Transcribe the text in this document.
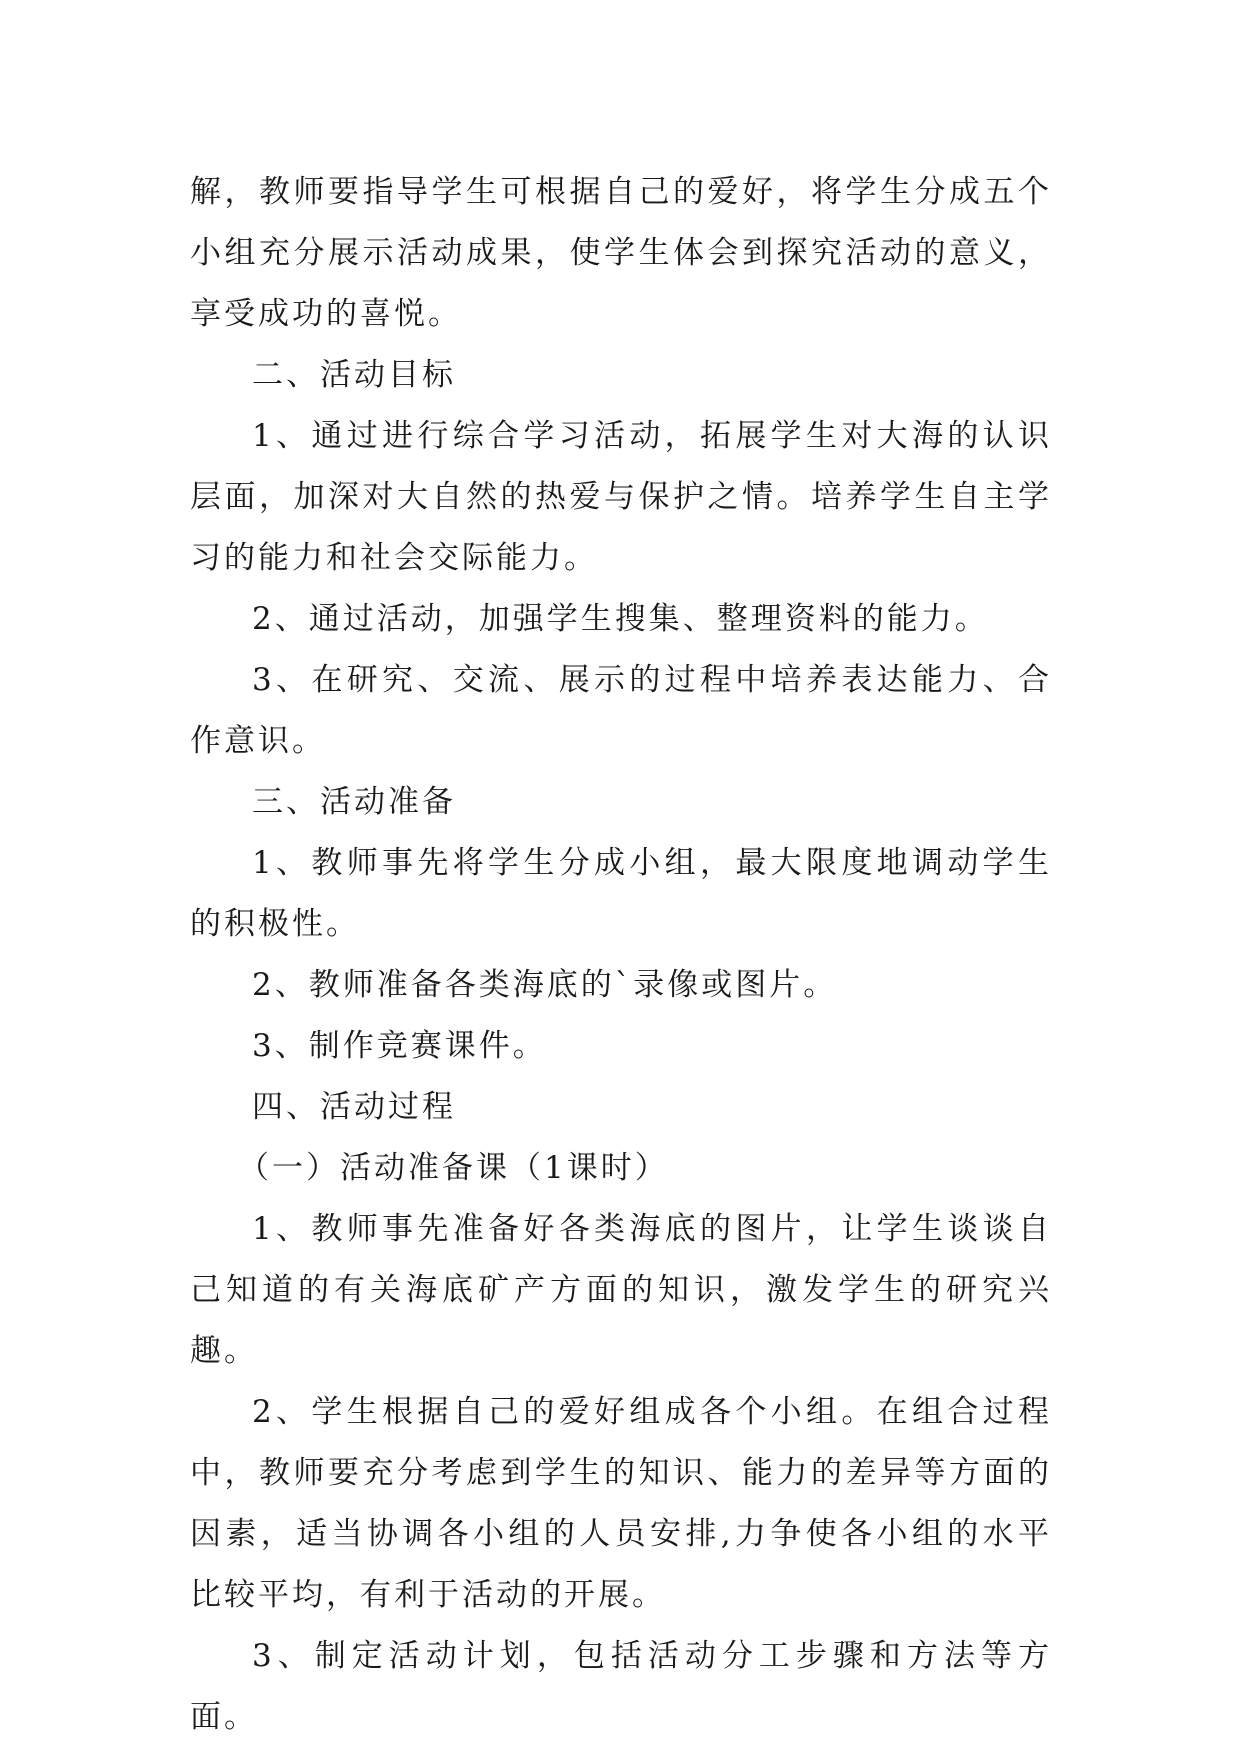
解，教师要指导学生可根据自己的爱好，将学生分成五个小组充分展示活动成果，使学生体会到探究活动的意义，享受成功的喜悦。

二、活动目标

1、通过进行综合学习活动，拓展学生对大海的认识层面，加深对大自然的热爱与保护之情。培养学生自主学习的能力和社会交际能力。

2、通过活动，加强学生搜集、整理资料的能力。

3、在研究、交流、展示的过程中培养表达能力、合作意识。

三、活动准备

1、教师事先将学生分成小组，最大限度地调动学生的积极性。

2、教师准备各类海底的`录像或图片。

3、制作竞赛课件。

四、活动过程

（一）活动准备课（1课时）

1、教师事先准备好各类海底的图片，让学生谈谈自己知道的有关海底矿产方面的知识，激发学生的研究兴趣。

2、学生根据自己的爱好组成各个小组。在组合过程中，教师要充分考虑到学生的知识、能力的差异等方面的因素，适当协调各小组的人员安排,力争使各小组的水平比较平均，有利于活动的开展。

3、制定活动计划，包括活动分工步骤和方法等方面。
